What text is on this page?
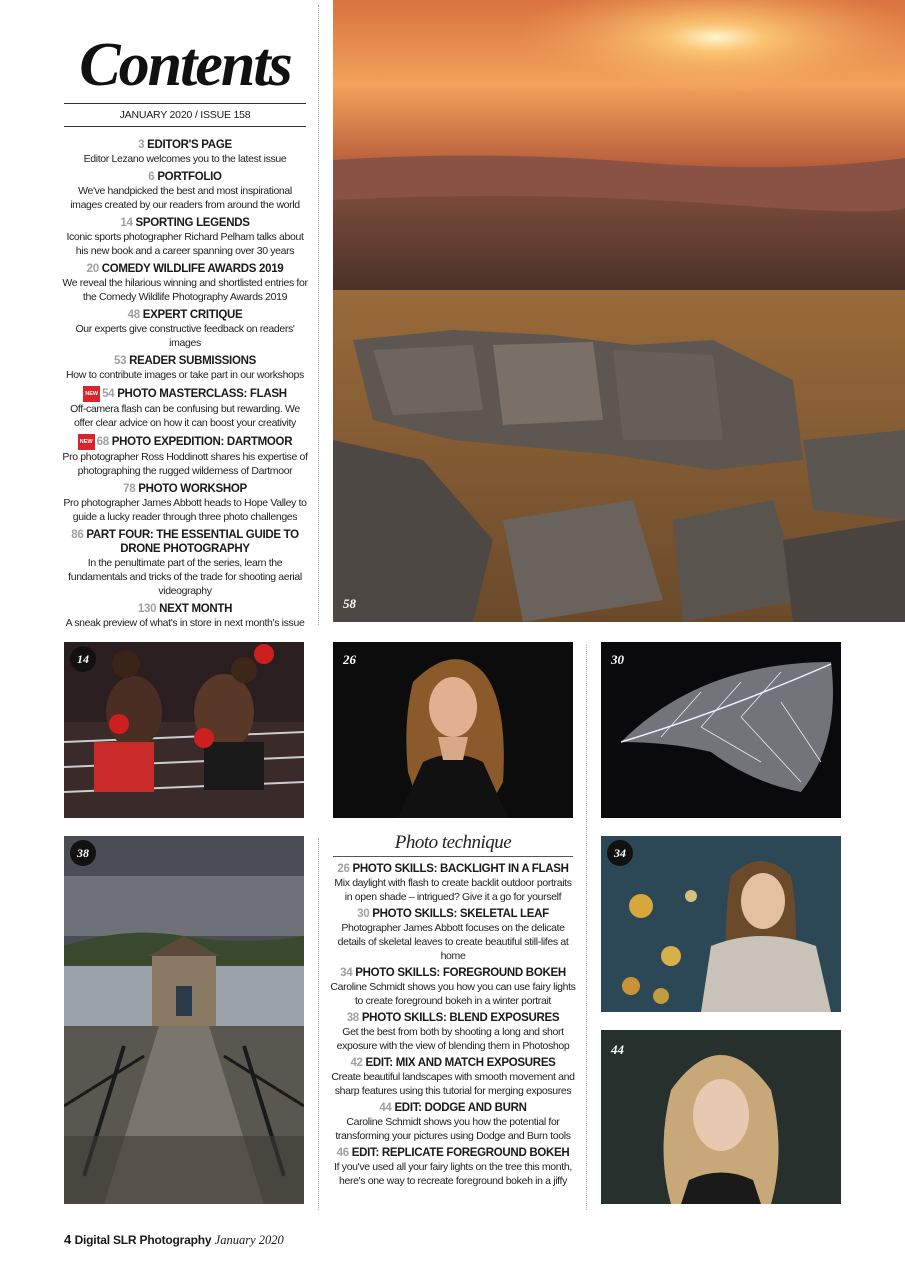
Contents
JANUARY 2020 / ISSUE 158
3 EDITOR'S PAGE
Editor Lezano welcomes you to the latest issue
6 PORTFOLIO
We've handpicked the best and most inspirational images created by our readers from around the world
14 SPORTING LEGENDS
Iconic sports photographer Richard Pelham talks about his new book and a career spanning over 30 years
20 COMEDY WILDLIFE AWARDS 2019
We reveal the hilarious winning and shortlisted entries for the Comedy Wildlife Photography Awards 2019
48 EXPERT CRITIQUE
Our experts give constructive feedback on readers' images
53 READER SUBMISSIONS
How to contribute images or take part in our workshops
NEW 54 PHOTO MASTERCLASS: FLASH
Off-camera flash can be confusing but rewarding. We offer clear advice on how it can boost your creativity
NEW 68 PHOTO EXPEDITION: DARTMOOR
Pro photographer Ross Hoddinott shares his expertise of photographing the rugged wilderness of Dartmoor
78 PHOTO WORKSHOP
Pro photographer James Abbott heads to Hope Valley to guide a lucky reader through three photo challenges
86 PART FOUR: THE ESSENTIAL GUIDE TO DRONE PHOTOGRAPHY
In the penultimate part of the series, learn the fundamentals and tricks of the trade for shooting aerial videography
130 NEXT MONTH
A sneak preview of what's in store in next month's issue
58
14	26	30
38	Photo technique
26 PHOTO SKILLS: BACKLIGHT IN A FLASH
Mix daylight with flash to create backlit outdoor portraits in open shade – intrigued? Give it a go for yourself
30 PHOTO SKILLS: SKELETAL LEAF
Photographer James Abbott focuses on the delicate details of skeletal leaves to create beautiful still-lifes at home
34 PHOTO SKILLS: FOREGROUND BOKEH
Caroline Schmidt shows you how you can use fairy lights to create foreground bokeh in a winter portrait
38 PHOTO SKILLS: BLEND EXPOSURES
Get the best from both by shooting a long and short exposure with the view of blending them in Photoshop
42 EDIT: MIX AND MATCH EXPOSURES
Create beautiful landscapes with smooth movement and sharp features using this tutorial for merging exposures
44 EDIT: DODGE AND BURN
Caroline Schmidt shows you how the potential for transforming your pictures using Dodge and Burn tools
46 EDIT: REPLICATE FOREGROUND BOKEH
If you've used all your fairy lights on the tree this month, here's one way to recreate foreground bokeh in a jiffy
34
44
4 Digital SLR Photography January 2020
